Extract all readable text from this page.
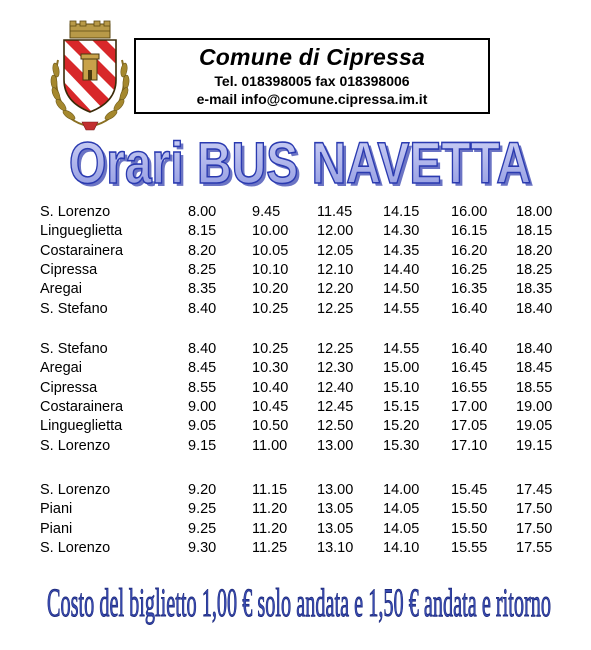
Comune di Cipressa
Tel. 018398005 fax 018398006
e-mail info@comune.cipressa.im.it
Orari BUS NAVETTA
Orari BUS NAVETTA
S. Lorenzo	8.00 9.45	11.45 14.15 16.00 18.00
Lingueglietta	8.15 10.00 12.00 14.30 16.15 18.15
Costarainera	8.20 10.05 12.05 14.35 16.20 18.20
Cipressa	8.25 10.10 12.10 14.40 16.25 18.25
Aregai	8.35 10.20 12.20 14.50 16.35 18.35
S. Stefano	8.40 10.25 12.25 14.55 16.40 18.40
S. Stefano	8.40 10.25 12.25 14.55 16.40 18.40
Aregai	8.45 10.30 12.30 15.00 16.45 18.45
Cipressa	8.55 10.40 12.40 15.10 16.55 18.55
Costarainera	9.00 10.45 12.45 15.15 17.00 19.00
Lingueglietta	9.05 10.50 12.50 15.20 17.05 19.05
S. Lorenzo	9.15 11.00 13.00 15.30 17.10 19.15
S. Lorenzo	9.20 11.15 13.00 14.00 15.45 17.45
Piani	9.25 11.20 13.05 14.05 15.50 17.50
Piani	9.25 11.20 13.05 14.05 15.50 17.50
S. Lorenzo	9.30 11.25 13.10 14.10 15.55 17.55
Costo del biglietto 1,00 € solo andata e 1,50 € andata e ritorno
